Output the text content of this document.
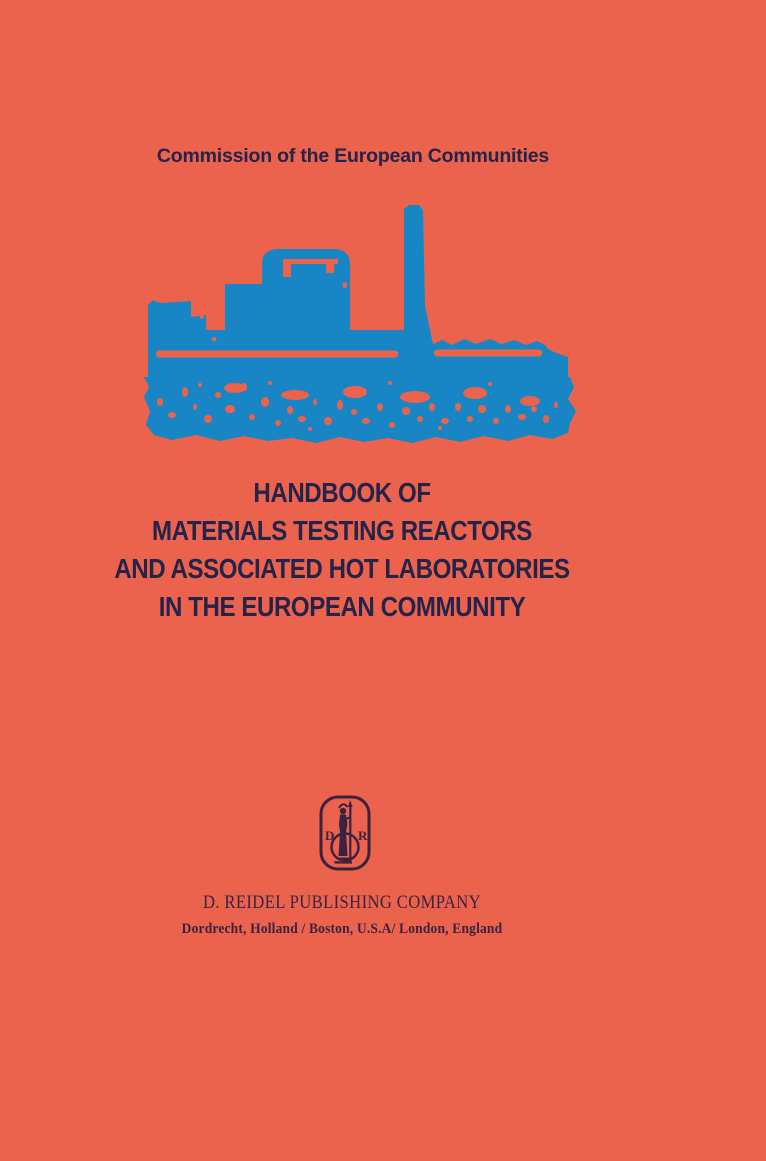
Commission of the European Communities
HANDBOOK OF
MATERIALS TESTING REACTORS
AND ASSOCIATED HOT LABORATORIES
IN THE EUROPEAN COMMUNITY
D R
D. REIDEL PUBLISHING COMPANY
Dordrecht, Holland / Boston, U.S.A/ London, England
